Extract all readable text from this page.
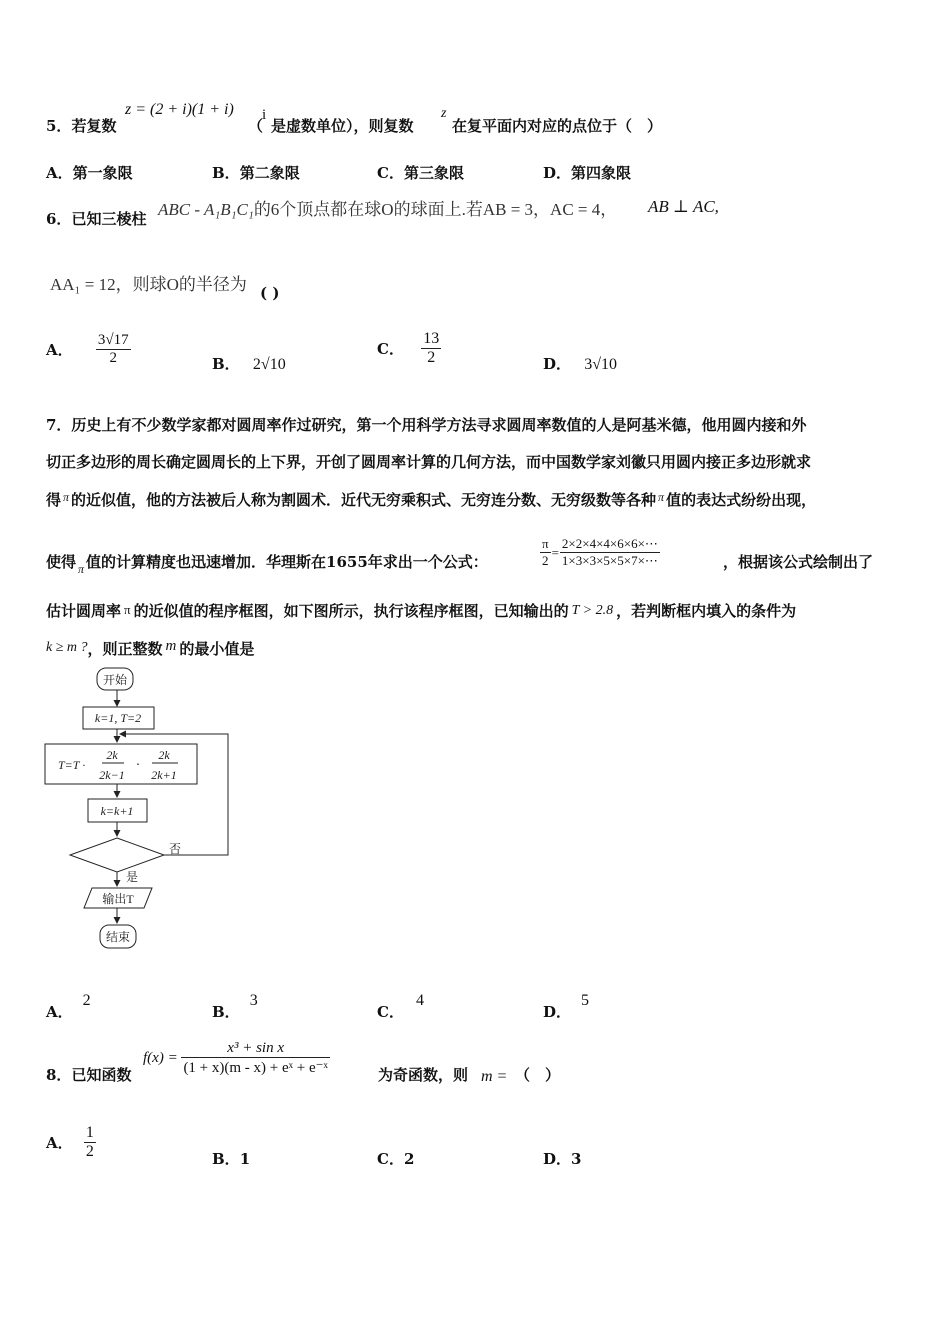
5．若复数
z = (2 + i)(1 + i)
（
i
是虚数单位），则复数
z
在复平面内对应的点位于（　）
A．第一象限	B．第二象限	C．第三象限	D．第四象限
6．已知三棱柱 ABC - A₁B₁C₁的6个顶点都在球O的球面上.若AB = 3，AC = 4， AB ⊥ AC,
AA₁ = 12，则球O的半径为 ( )
A． $\frac{3√17}{2}$	B． 2√10
C． $\frac{13}{2}$	D． 3√10
7．历史上有不少数学家都对圆周率作过研究，第一个用科学方法寻求圆周率数值的人是阿基米德，他用圆内接和外
切正多边形的周长确定圆周长的上下界，开创了圆周率计算的几何方法，而中国数学家刘徽只用圆内接正多边形就求
得 $^\pi$ 的近似值，他的方法被后人称为割圆术．近代无穷乘积式、无穷连分数、无穷级数等各种 $^\pi$ 值的表达式纷纷出现，
使得 $_\pi$ 值的计算精度也迅速增加．华理斯在1655年求出一个公式：	$\frac{\pi}{2} = \frac{2\times 2\times 4\times 4\times 6\times 6\times\cdots}{1\times 3\times 3\times 5\times 5\times 7\times\cdots}$	，根据该公式绘制出了
估计圆周率 π 的近似值的程序框图，如下图所示，执行该程序框图，已知输出的 T > 2.8 ，若判断框内填入的条件为
k ≥ m ?，则正整数 m 的最小值是
开始
k=1, T=2
T=T ·
2k
2k−1
·
2k
2k+1
k=k+1
否
是
输出T
结束
A．2
B．3
C．4
D．5
8．已知函数
$f(x) = \frac{\text{x³ + sin x}}{\text{(1 + x)(m - x) + eˣ + e⁻ˣ}}$	为奇函数，则 m = （　）
A． $\frac{1}{2}$	B．1	C．2	D．3
